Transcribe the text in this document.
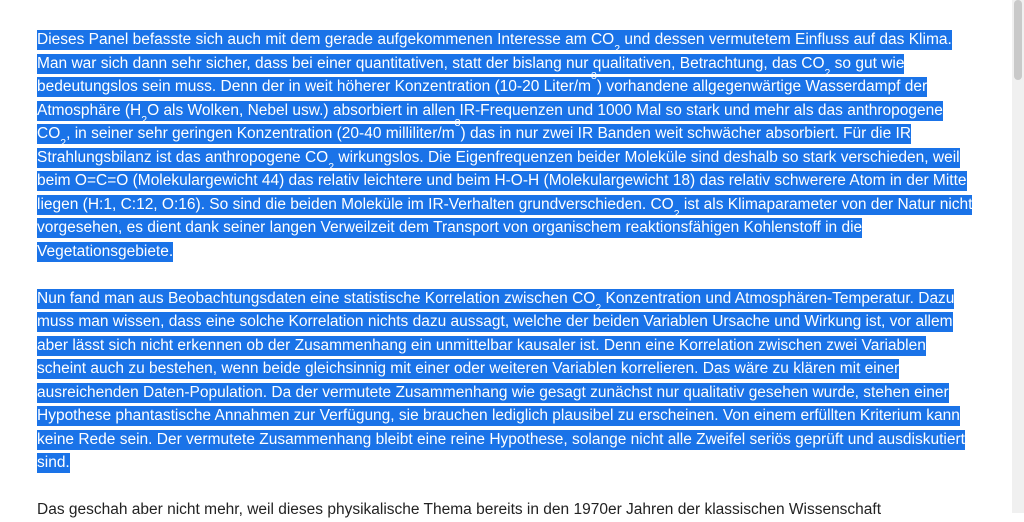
Dieses Panel befasste sich auch mit dem gerade aufgekommenen Interesse am $CO_2$ und dessen vermutetem Einfluss auf das Klima. Man war sich dann sehr sicher, dass bei einer quantitativen, statt der bislang nur qualitativen, Betrachtung, das $CO_2$ so gut wie bedeutungslos sein muss. Denn der in weit höherer Konzentration (10-20 Liter/$m^3$) vorhandene allgegenwärtige Wasserdampf der Atmosphäre ($H_2O$ als Wolken, Nebel usw.) absorbiert in allen IR-Frequenzen und 1000 Mal so stark und mehr als das anthropogene $CO_2$, in seiner sehr geringen Konzentration (20-40 milliliter/$m^3$) das in nur zwei IR Banden weit schwächer absorbiert. Für die IR Strahlungsbilanz ist das anthropogene $CO_2$ wirkungslos. Die Eigenfrequenzen beider Moleküle sind deshalb so stark verschieden, weil beim O=C=O (Molekulargewicht 44) das relativ leichtere und beim H-O-H (Molekulargewicht 18) das relativ schwerere Atom in der Mitte liegen (H:1, C:12, O:16). So sind die beiden Moleküle im IR-Verhalten grundverschieden. $CO_2$ ist als Klimaparameter von der Natur nicht vorgesehen, es dient dank seiner langen Verweilzeit dem Transport von organischem reaktionsfähigen Kohlenstoff in die Vegetationsgebiete.

Nun fand man aus Beobachtungsdaten eine statistische Korrelation zwischen $CO_2$ Konzentration und Atmosphären-Temperatur. Dazu muss man wissen, dass eine solche Korrelation nichts dazu aussagt, welche der beiden Variablen Ursache und Wirkung ist, vor allem aber lässt sich nicht erkennen ob der Zusammenhang ein unmittelbar kausaler ist. Denn eine Korrelation zwischen zwei Variablen scheint auch zu bestehen, wenn beide gleichsinnig mit einer oder weiteren Variablen korrelieren. Das wäre zu klären mit einer ausreichenden Daten-Population. Da der vermutete Zusammenhang wie gesagt zunächst nur qualitativ gesehen wurde, stehen einer Hypothese phantastische Annahmen zur Verfügung, sie brauchen lediglich plausibel zu erscheinen. Von einem erfüllten Kriterium kann keine Rede sein. Der vermutete Zusammenhang bleibt eine reine Hypothese, solange nicht alle Zweifel seriös geprüft und ausdiskutiert sind.

Das geschah aber nicht mehr, weil dieses physikalische Thema bereits in den 1970er Jahren der klassischen Wissenschaft
